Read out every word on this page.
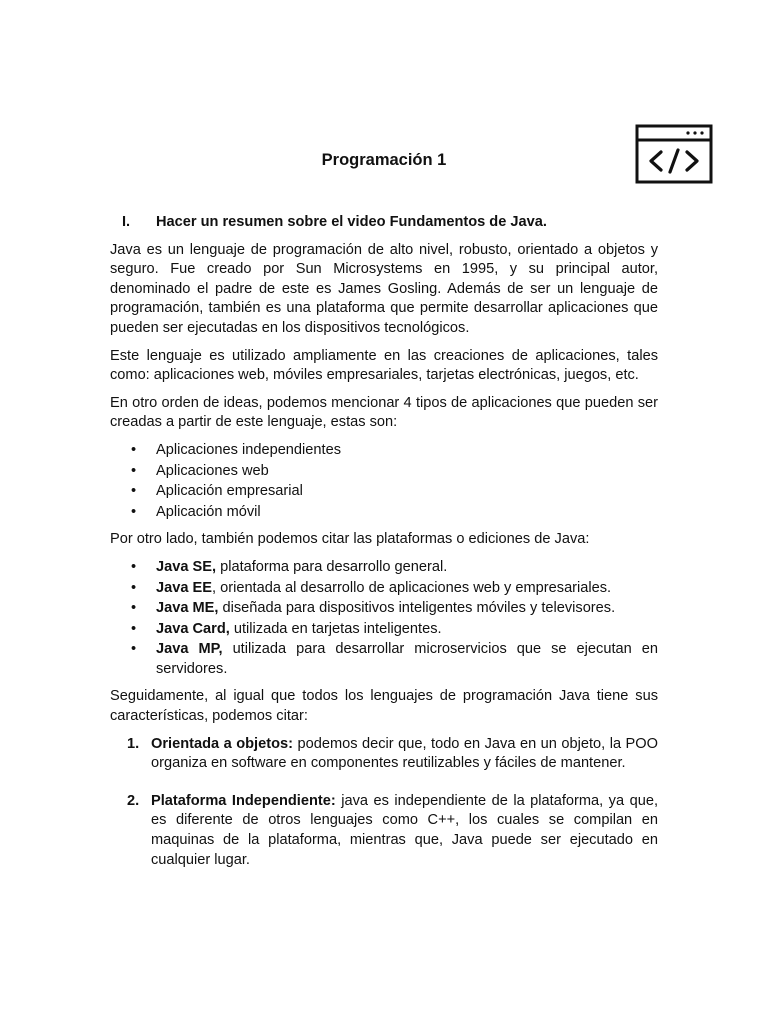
Programación 1
I.	Hacer un resumen sobre el video Fundamentos de Java.

Java es un lenguaje de programación de alto nivel, robusto, orientado a objetos y seguro. Fue creado por Sun Microsystems en 1995, y su principal autor, denominado el padre de este es James Gosling. Además de ser un lenguaje de programación, también es una plataforma que permite desarrollar aplicaciones que pueden ser ejecutadas en los dispositivos tecnológicos.

Este lenguaje es utilizado ampliamente en las creaciones de aplicaciones, tales como: aplicaciones web, móviles empresariales, tarjetas electrónicas, juegos, etc.

En otro orden de ideas, podemos mencionar 4 tipos de aplicaciones que pueden ser creadas a partir de este lenguaje, estas son:

•	Aplicaciones independientes
•	Aplicaciones web
•	Aplicación empresarial
•	Aplicación móvil

Por otro lado, también podemos citar las plataformas o ediciones de Java:

•	Java SE, plataforma para desarrollo general.
•	Java EE, orientada al desarrollo de aplicaciones web y empresariales.
•	Java ME, diseñada para dispositivos inteligentes móviles y televisores.
•	Java Card, utilizada en tarjetas inteligentes.
•	Java MP, utilizada para desarrollar microservicios que se ejecutan en servidores.

Seguidamente, al igual que todos los lenguajes de programación Java tiene sus características, podemos citar:

1. Orientada a objetos: podemos decir que, todo en Java en un objeto, la POO organiza en software en componentes reutilizables y fáciles de mantener.
2. Plataforma Independiente: java es independiente de la plataforma, ya que, es diferente de otros lenguajes como C++, los cuales se compilan en maquinas de la plataforma, mientras que, Java puede ser ejecutado en cualquier lugar.
